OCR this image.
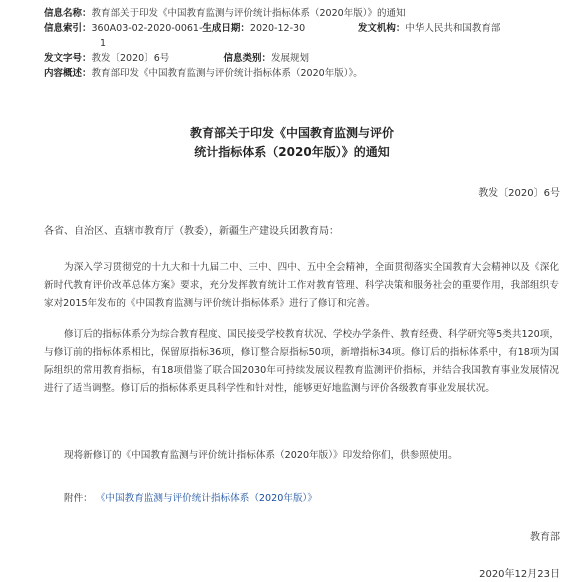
信息名称： 教育部关于印发《中国教育监测与评价统计指标体系（2020年版）》的通知
信息索引： 360A03-02-2020-0061- 生成日期： 2020-12-30	发文机构： 中华人民共和国教育部
1
发文字号： 教发〔2020〕6号	信息类别： 发展规划
内容概述： 教育部印发《中国教育监测与评价统计指标体系（2020年版）》。
教育部关于印发《中国教育监测与评价
统计指标体系（2020年版）》的通知
教发〔2020〕6号
各省、自治区、直辖市教育厅（教委），新疆生产建设兵团教育局：

为深入学习贯彻党的十九大和十九届二中、三中、四中、五中全会精神，全面贯彻落实全国教育大会精神以及《深化新时代教育评价改革总体方案》要求，充分发挥教育统计工作对教育管理、科学决策和服务社会的重要作用，我部组织专家对2015年发布的《中国教育监测与评价统计指标体系》进行了修订和完善。

修订后的指标体系分为综合教育程度、国民接受学校教育状况、学校办学条件、教育经费、科学研究等5类共120项，与修订前的指标体系相比，保留原指标36项，修订整合原指标50项，新增指标34项。修订后的指标体系中，有18项为国际组织的常用教育指标，有18项借鉴了联合国2030年可持续发展议程教育监测评价指标，并结合我国教育事业发展情况进行了适当调整。修订后的指标体系更具科学性和针对性，能够更好地监测与评价各级教育事业发展状况。

现将新修订的《中国教育监测与评价统计指标体系（2020年版）》印发给你们，供参照使用。

附件： 《中国教育监测与评价统计指标体系（2020年版）》
教育部
2020年12月23日
